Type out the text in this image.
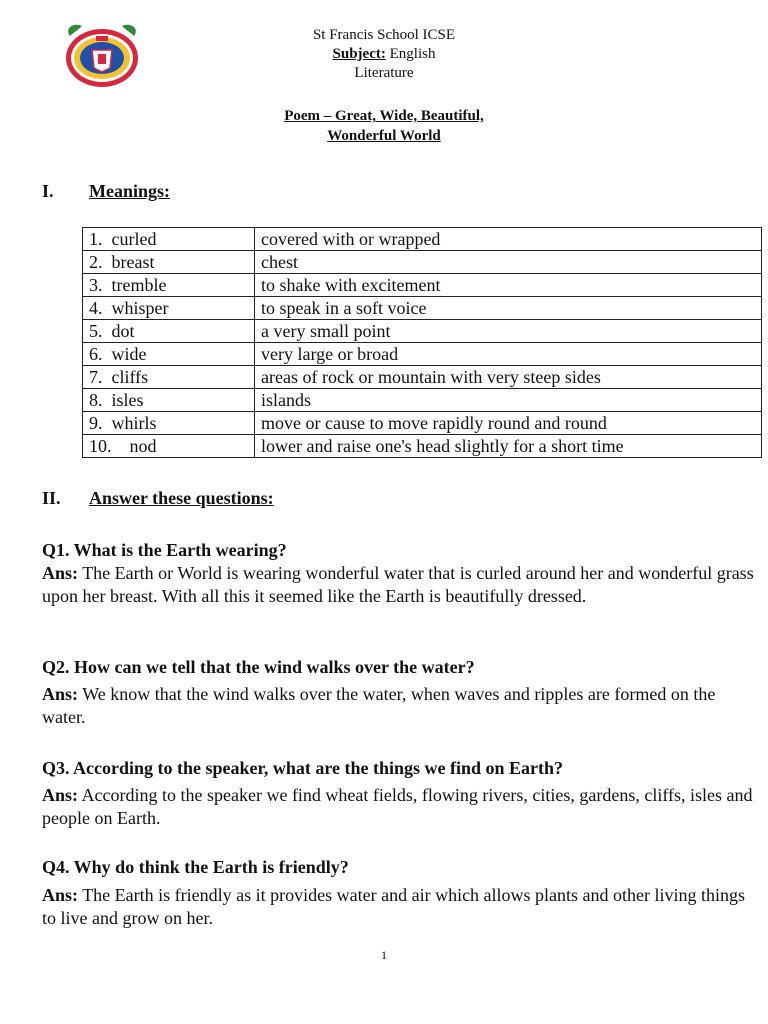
St Francis School ICSE
Subject: English
Literature
Poem – Great, Wide, Beautiful,
Wonderful World
I. Meanings:
1.  curled	covered with or wrapped
2.  breast	chest
3.  tremble	to shake with excitement
4.  whisper	to speak in a soft voice
5.  dot	a very small point
6.  wide	very large or broad
7.  cliffs	areas of rock or mountain with very steep sides
8.  isles	islands
9.  whirls	move or cause to move rapidly round and round
10.    nod	lower and raise one's head slightly for a short time
II. Answer these questions:
Q1. What is the Earth wearing?
Ans: The Earth or World is wearing wonderful water that is curled around her and wonderful grass upon her breast. With all this it seemed like the Earth is beautifully dressed.
Q2. How can we tell that the wind walks over the water?
Ans: We know that the wind walks over the water, when waves and ripples are formed on the water.
Q3. According to the speaker, what are the things we find on Earth?
Ans: According to the speaker we find wheat fields, flowing rivers, cities, gardens, cliffs, isles and people on Earth.
Q4. Why do think the Earth is friendly?
Ans: The Earth is friendly as it provides water and air which allows plants and other living things to live and grow on her.
1
